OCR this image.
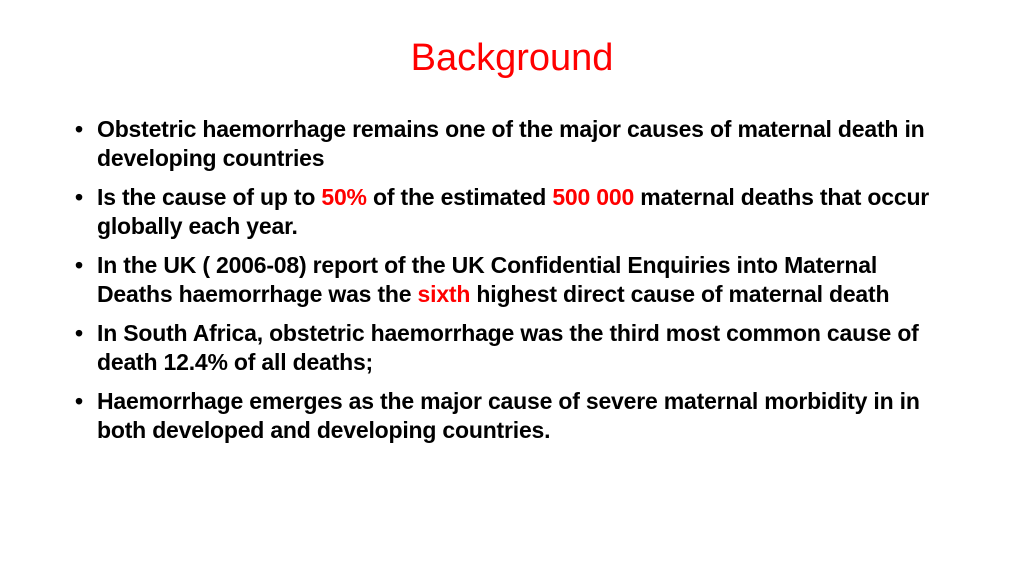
Background
• Obstetric haemorrhage remains one of the major causes of maternal death in developing countries
• Is the cause of up to 50% of the estimated 500 000 maternal deaths that occur globally each year.
• In the UK ( 2006-08) report of the UK Confidential Enquiries into Maternal Deaths haemorrhage was the sixth highest direct cause of maternal death
• In South Africa, obstetric haemorrhage was the third most common cause of death 12.4% of all deaths;
• Haemorrhage emerges as the major cause of severe maternal morbidity in in both developed and developing countries.
